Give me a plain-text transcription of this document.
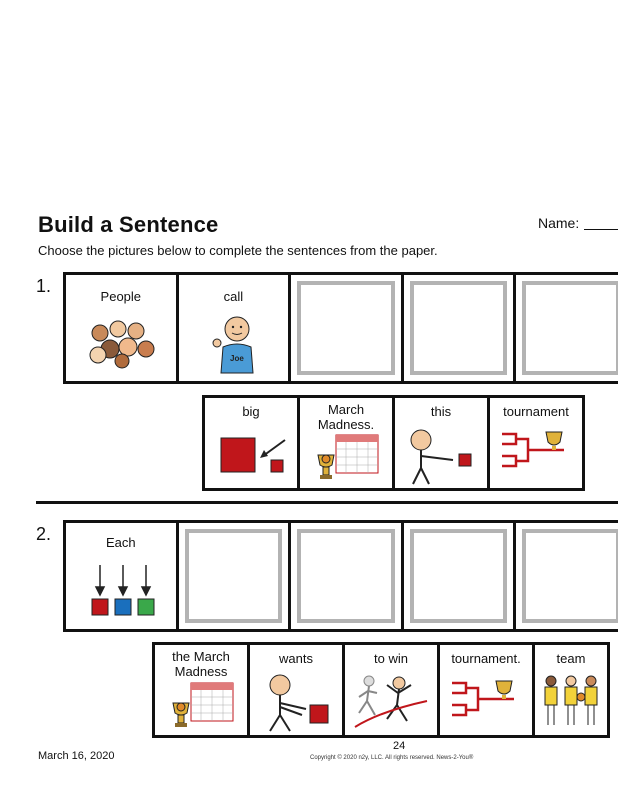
Build a Sentence	Name:
Choose the pictures below to complete the sentences from the paper.
1.
People	call
Joe
big	March Madness.
this	tournament
2.	Each
the March Madness
wants	to win	tournament.	team
March 16, 2020
24
Copyright © 2020 n2y, LLC. All rights reserved. News-2-You®
